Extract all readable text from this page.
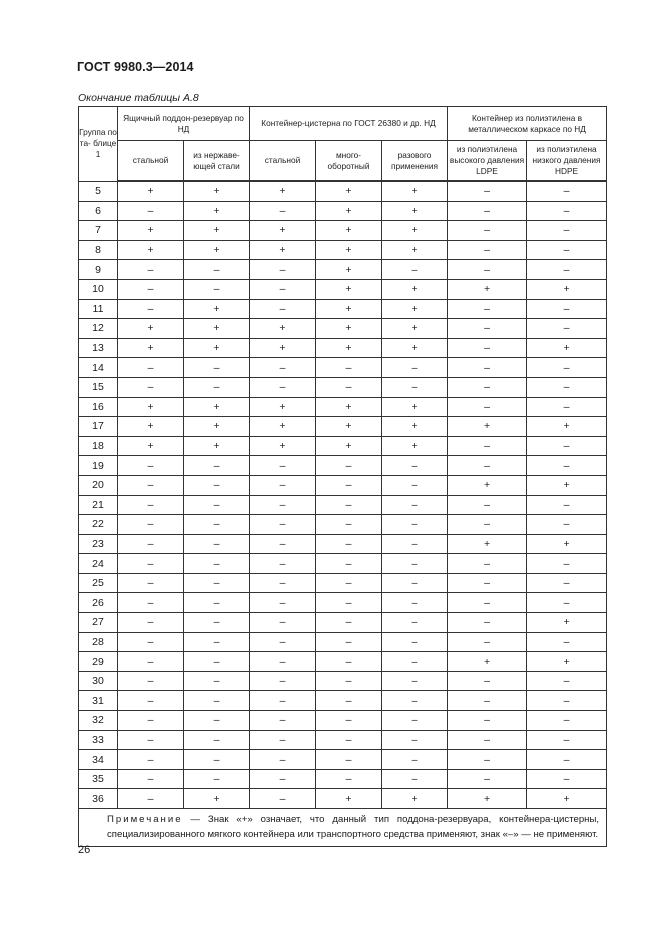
ГОСТ 9980.3—2014
Окончание таблицы А.8
Группа по та- блице 1	Ящичный поддон-резервуар по НД		Контейнер-цистерна по ГОСТ 26380 и др. НД			Контейнер из полиэтилена в металлическом каркасе по НД	
	стальной	из нержаве- ющей стали	стальной	много- оборотный	разового применения	из полиэтилена высокого давления LDPE	из полиэтилена низкого давления HDPE
5	+	+	+	+	+	–	–
6	–	+	–	+	+	–	–
7	+	+	+	+	+	–	–
8	+	+	+	+	+	–	–
9	–	–	–	+	–	–	–
10	–	–	–	+	+	+	+
11	–	+	–	+	+	–	–
12	+	+	+	+	+	–	–
13	+	+	+	+	+	–	+
14	–	–	–	–	–	–	–
15	–	–	–	–	–	–	–
16	+	+	+	+	+	–	–
17	+	+	+	+	+	+	+
18	+	+	+	+	+	–	–
19	–	–	–	–	–	–	–
20	–	–	–	–	–	+	+
21	–	–	–	–	–	–	–
22	–	–	–	–	–	–	–
23	–	–	–	–	–	+	+
24	–	–	–	–	–	–	–
25	–	–	–	–	–	–	–
26	–	–	–	–	–	–	–
27	–	–	–	–	–	–	+
28	–	–	–	–	–	–	–
29	–	–	–	–	–	+	+
30	–	–	–	–	–	–	–
31	–	–	–	–	–	–	–
32	–	–	–	–	–	–	–
33	–	–	–	–	–	–	–
34	–	–	–	–	–	–	–
35	–	–	–	–	–	–	–
36	–	+	–	+	+	+	+
Примечание — Знак «+» означает, что данный тип поддона-резервуара, контейнера-цистерны, специализированного мягкого контейнера или транспортного средства применяют, знак «–» — не применяют.							
26
